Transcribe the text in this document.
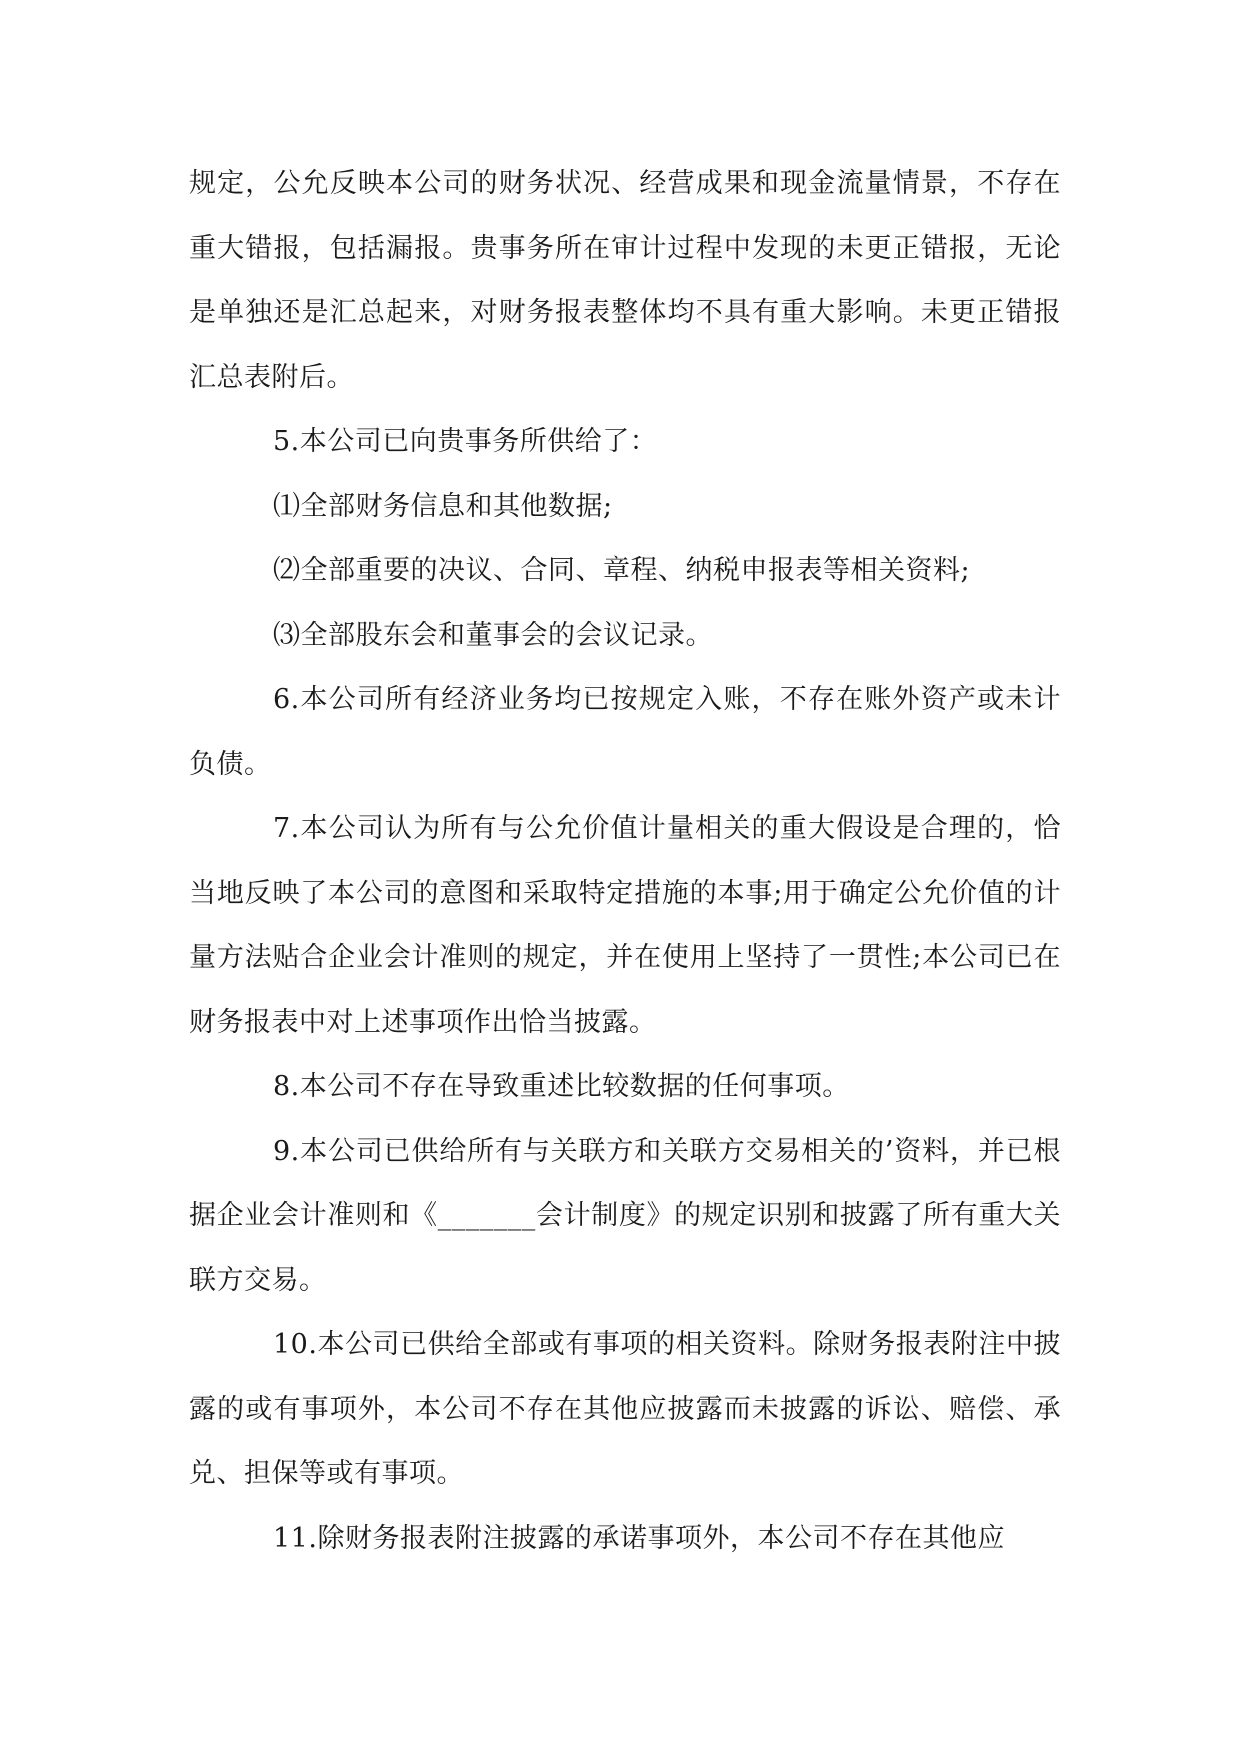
规定，公允反映本公司的财务状况、经营成果和现金流量情景，不存在重大错报，包括漏报。贵事务所在审计过程中发现的未更正错报，无论是单独还是汇总起来，对财务报表整体均不具有重大影响。未更正错报汇总表附后。

5.本公司已向贵事务所供给了：

⑴全部财务信息和其他数据;

⑵全部重要的决议、合同、章程、纳税申报表等相关资料;

⑶全部股东会和董事会的会议记录。

6.本公司所有经济业务均已按规定入账，不存在账外资产或未计负债。

7.本公司认为所有与公允价值计量相关的重大假设是合理的，恰当地反映了本公司的意图和采取特定措施的本事;用于确定公允价值的计量方法贴合企业会计准则的规定，并在使用上坚持了一贯性;本公司已在财务报表中对上述事项作出恰当披露。

8.本公司不存在导致重述比较数据的任何事项。

9.本公司已供给所有与关联方和关联方交易相关的’资料，并已根据企业会计准则和《_______会计制度》的规定识别和披露了所有重大关联方交易。

10.本公司已供给全部或有事项的相关资料。除财务报表附注中披露的或有事项外，本公司不存在其他应披露而未披露的诉讼、赔偿、承兑、担保等或有事项。

11.除财务报表附注披露的承诺事项外，本公司不存在其他应
